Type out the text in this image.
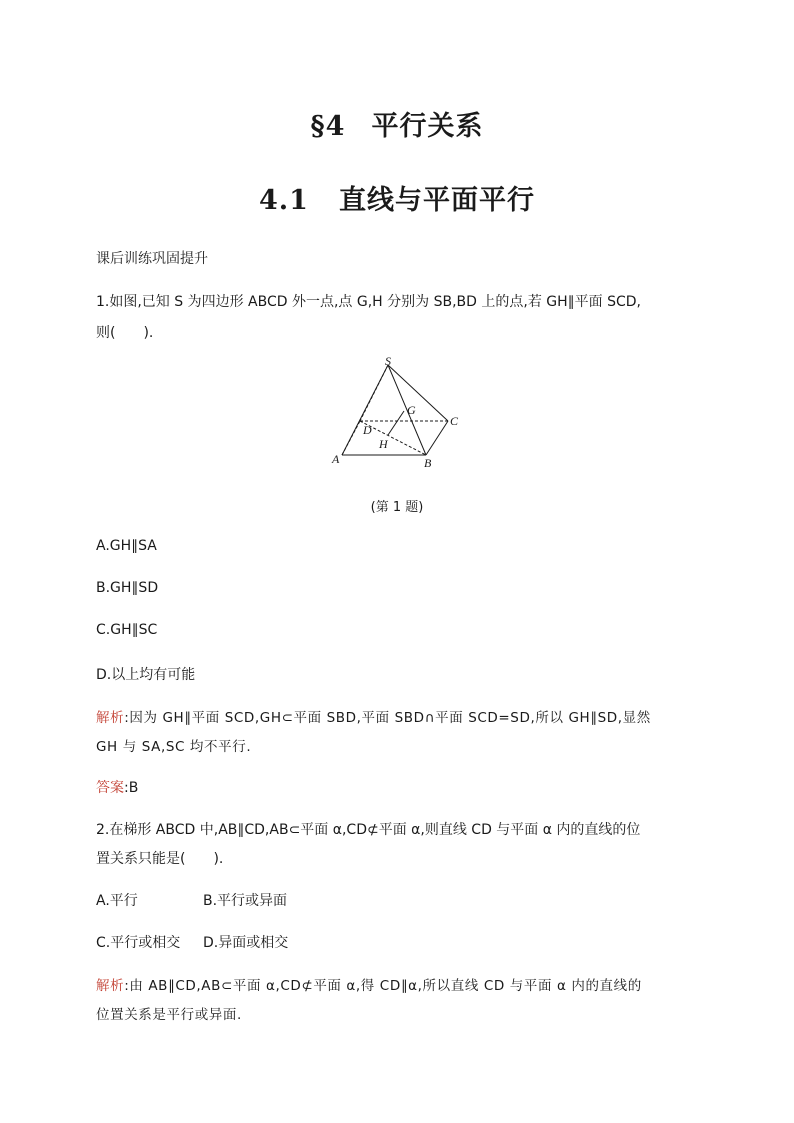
§4 平行关系
4.1 直线与平面平行
课后训练巩固提升
1.如图,已知 S 为四边形 ABCD 外一点,点 G,H 分别为 SB,BD 上的点,若 GH∥平面 SCD,
则(　　).
S
G
C
D
H
A	B
(第 1 题)
A.GH∥SA
B.GH∥SD
C.GH∥SC
D.以上均有可能
解析:因为 GH∥平面 SCD,GH⊂平面 SBD,平面 SBD∩平面 SCD=SD,所以 GH∥SD,显然
GH 与 SA,SC 均不平行.
答案:B
2.在梯形 ABCD 中,AB∥CD,AB⊂平面 α,CD⊄平面 α,则直线 CD 与平面 α 内的直线的位
置关系只能是(　　).
A.平行	B.平行或异面
C.平行或相交 D.异面或相交
解析:由 AB∥CD,AB⊂平面 α,CD⊄平面 α,得 CD∥α,所以直线 CD 与平面 α 内的直线的
位置关系是平行或异面.
